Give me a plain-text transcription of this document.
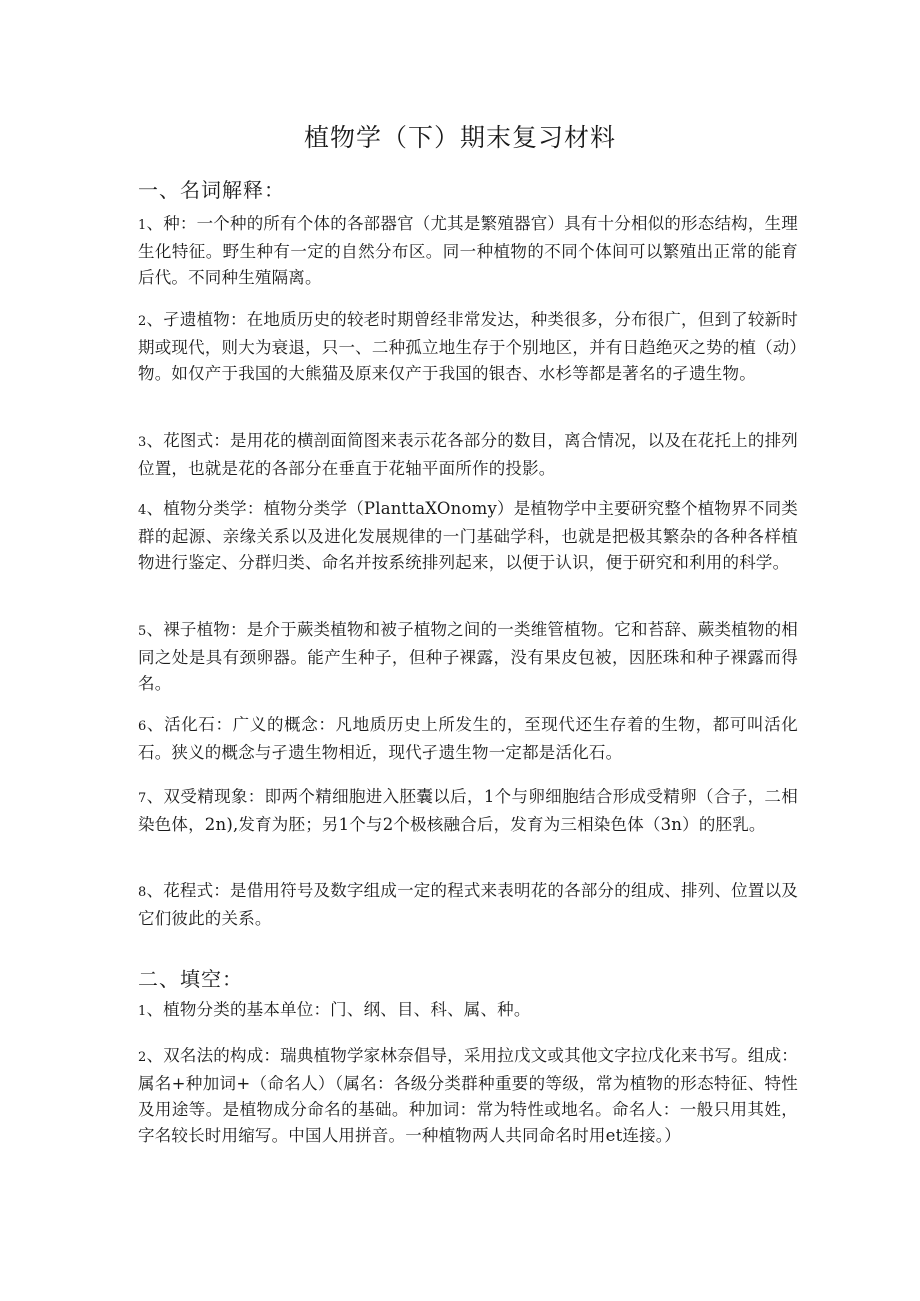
植物学（下）期末复习材料
一、名词解释：
1、种：一个种的所有个体的各部器官（尤其是繁殖器官）具有十分相似的形态结构，生理生化特征。野生种有一定的自然分布区。同一种植物的不同个体间可以繁殖出正常的能育后代。不同种生殖隔离。
2、孑遗植物：在地质历史的较老时期曾经非常发达，种类很多，分布很广，但到了较新时期或现代，则大为衰退，只一、二种孤立地生存于个别地区，并有日趋绝灭之势的植（动）物。如仅产于我国的大熊猫及原来仅产于我国的银杏、水杉等都是著名的孑遗生物。
3、花图式：是用花的横剖面简图来表示花各部分的数目，离合情况，以及在花托上的排列位置，也就是花的各部分在垂直于花轴平面所作的投影。
4、植物分类学：植物分类学（PlanttaXOnomy）是植物学中主要研究整个植物界不同类群的起源、亲缘关系以及进化发展规律的一门基础学科，也就是把极其繁杂的各种各样植物进行鉴定、分群归类、命名并按系统排列起来，以便于认识，便于研究和利用的科学。
5、裸子植物：是介于蕨类植物和被子植物之间的一类维管植物。它和苔辞、蕨类植物的相同之处是具有颈卵器。能产生种子，但种子裸露，没有果皮包被，因胚珠和种子裸露而得名。
6、活化石：广义的概念：凡地质历史上所发生的，至现代还生存着的生物，都可叫活化石。狭义的概念与孑遗生物相近，现代孑遗生物一定都是活化石。
7、双受精现象：即两个精细胞进入胚囊以后，1个与卵细胞结合形成受精卵（合子，二相染色体，2n),发育为胚；另1个与2个极核融合后，发育为三相染色体（3n）的胚乳。
8、花程式：是借用符号及数字组成一定的程式来表明花的各部分的组成、排列、位置以及它们彼此的关系。
二、填空：
1、植物分类的基本单位：门、纲、目、科、属、种。
2、双名法的构成：瑞典植物学家林奈倡导，采用拉戊文或其他文字拉戊化来书写。组成：属名+种加词+（命名人）（属名：各级分类群种重要的等级，常为植物的形态特征、特性及用途等。是植物成分命名的基础。种加词：常为特性或地名。命名人：一般只用其姓，字名较长时用缩写。中国人用拼音。一种植物两人共同命名时用et连接。）
